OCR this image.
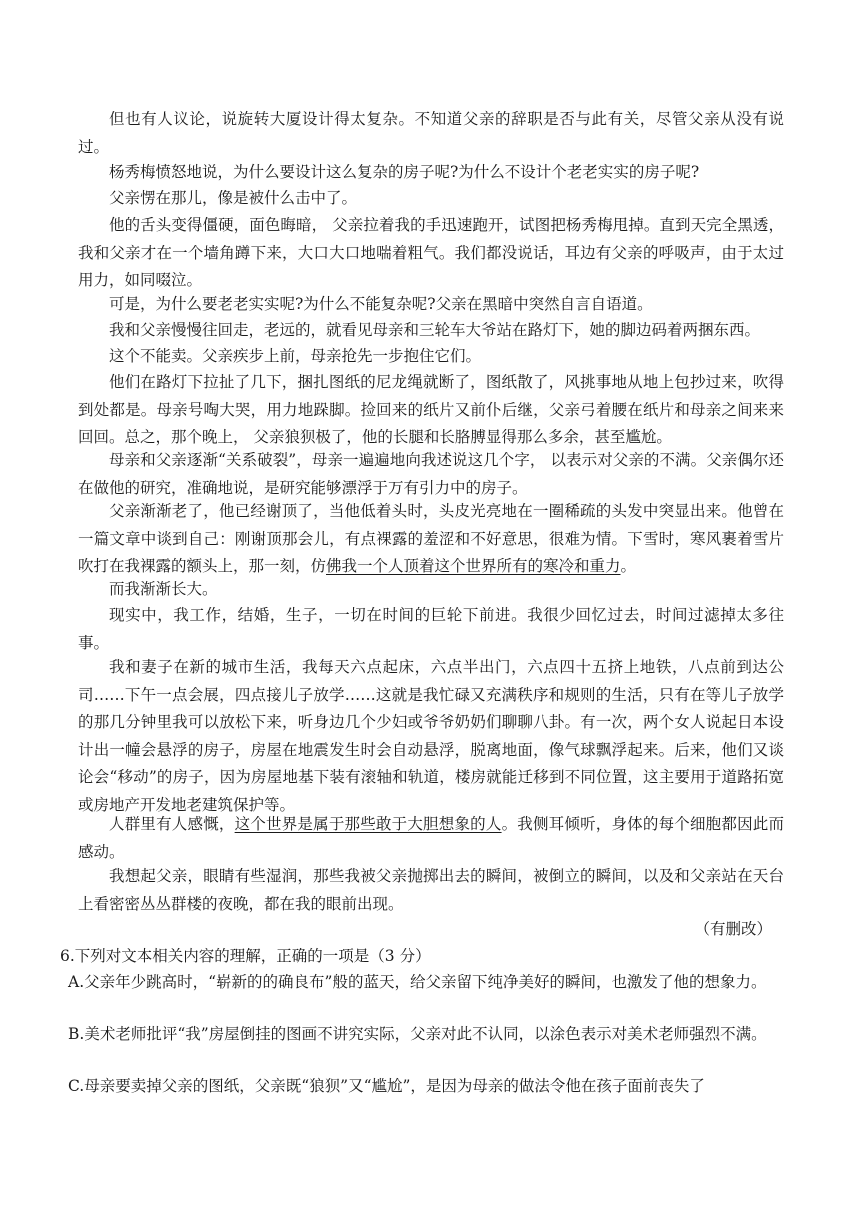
但也有人议论，说旋转大厦设计得太复杂。不知道父亲的辞职是否与此有关，尽管父亲从没有说过。

杨秀梅愤怒地说，为什么要设计这么复杂的房子呢?为什么不设计个老老实实的房子呢?

父亲愣在那儿，像是被什么击中了。

他的舌头变得僵硬，面色晦暗， 父亲拉着我的手迅速跑开，试图把杨秀梅甩掉。直到天完全黑透，我和父亲才在一个墙角蹲下来，大口大口地喘着粗气。我们都没说话，耳边有父亲的呼吸声，由于太过用力，如同啜泣。

可是，为什么要老老实实呢?为什么不能复杂呢?父亲在黑暗中突然自言自语道。

我和父亲慢慢往回走，老远的，就看见母亲和三轮车大爷站在路灯下，她的脚边码着两捆东西。

这个不能卖。父亲疾步上前，母亲抢先一步抱住它们。

他们在路灯下拉扯了几下，捆扎图纸的尼龙绳就断了，图纸散了，风挑事地从地上包抄过来，吹得到处都是。母亲号啕大哭，用力地跺脚。捡回来的纸片又前仆后继，父亲弓着腰在纸片和母亲之间来来回回。总之，那个晚上， 父亲狼狈极了，他的长腿和长胳膊显得那么多余，甚至尴尬。

母亲和父亲逐渐“关系破裂”，母亲一遍遍地向我述说这几个字， 以表示对父亲的不满。父亲偶尔还在做他的研究，准确地说，是研究能够漂浮于万有引力中的房子。

父亲渐渐老了，他已经谢顶了，当他低着头时，头皮光亮地在一圈稀疏的头发中突显出来。他曾在一篇文章中谈到自己：刚谢顶那会儿，有点裸露的羞涩和不好意思，很难为情。下雪时，寒风裹着雪片吹打在我裸露的额头上，那一刻，仿佛我一个人顶着这个世界所有的寒冷和重力。

而我渐渐长大。

现实中，我工作，结婚，生子，一切在时间的巨轮下前进。我很少回忆过去，时间过滤掉太多往事。

我和妻子在新的城市生活，我每天六点起床，六点半出门，六点四十五挤上地铁，八点前到达公司……下午一点会展，四点接儿子放学……这就是我忙碌又充满秩序和规则的生活，只有在等儿子放学的那几分钟里我可以放松下来，听身边几个少妇或爷爷奶奶们聊聊八卦。有一次，两个女人说起日本设计出一幢会悬浮的房子，房屋在地震发生时会自动悬浮，脱离地面，像气球飘浮起来。后来，他们又谈论会“移动”的房子，因为房屋地基下装有滚轴和轨道，楼房就能迁移到不同位置，这主要用于道路拓宽或房地产开发地老建筑保护等。

人群里有人感慨，这个世界是属于那些敢于大胆想象的人。我侧耳倾听，身体的每个细胞都因此而感动。

我想起父亲，眼睛有些湿润，那些我被父亲抛掷出去的瞬间，被倒立的瞬间，以及和父亲站在天台上看密密丛丛群楼的夜晚，都在我的眼前出现。

（有删改）

6.下列对文本相关内容的理解，正确的一项是（3 分）

A.父亲年少跳高时，“崭新的的确良布”般的蓝天，给父亲留下纯净美好的瞬间，也激发了他的想象力。

B.美术老师批评“我”房屋倒挂的图画不讲究实际，父亲对此不认同，以涂色表示对美术老师强烈不满。

C.母亲要卖掉父亲的图纸，父亲既“狼狈”又“尴尬”，是因为母亲的做法令他在孩子面前丧失了
